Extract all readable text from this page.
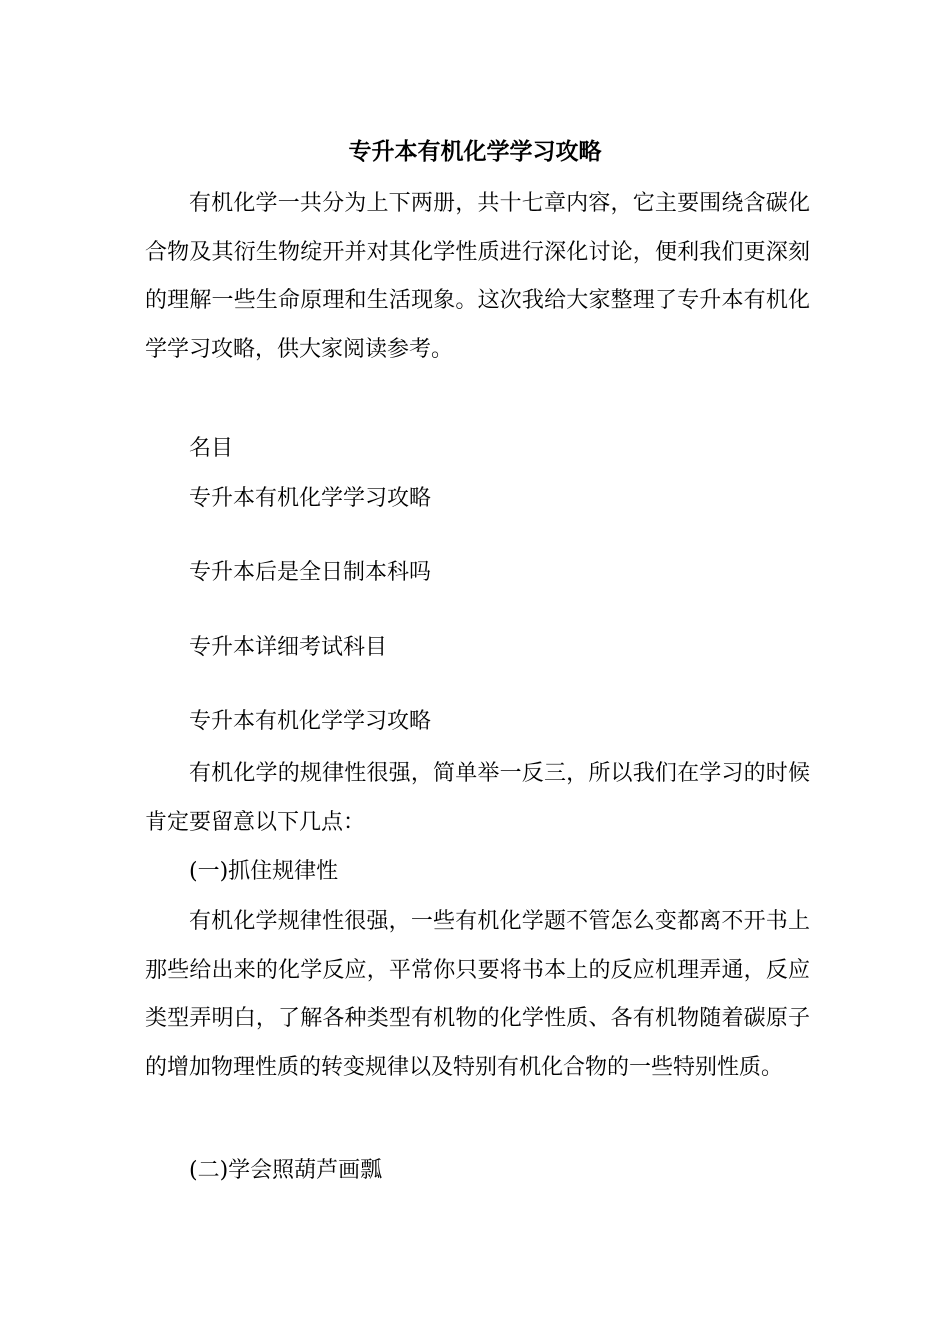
专升本有机化学学习攻略

有机化学一共分为上下两册，共十七章内容，它主要围绕含碳化合物及其衍生物绽开并对其化学性质进行深化讨论，便利我们更深刻的理解一些生命原理和生活现象。这次我给大家整理了专升本有机化学学习攻略，供大家阅读参考。

名目

专升本有机化学学习攻略

专升本后是全日制本科吗

专升本详细考试科目

专升本有机化学学习攻略

有机化学的规律性很强，简单举一反三，所以我们在学习的时候肯定要留意以下几点：

(一)抓住规律性

有机化学规律性很强，一些有机化学题不管怎么变都离不开书上那些给出来的化学反应，平常你只要将书本上的反应机理弄通，反应类型弄明白，了解各种类型有机物的化学性质、各有机物随着碳原子的增加物理性质的转变规律以及特别有机化合物的一些特别性质。

(二)学会照葫芦画瓢
